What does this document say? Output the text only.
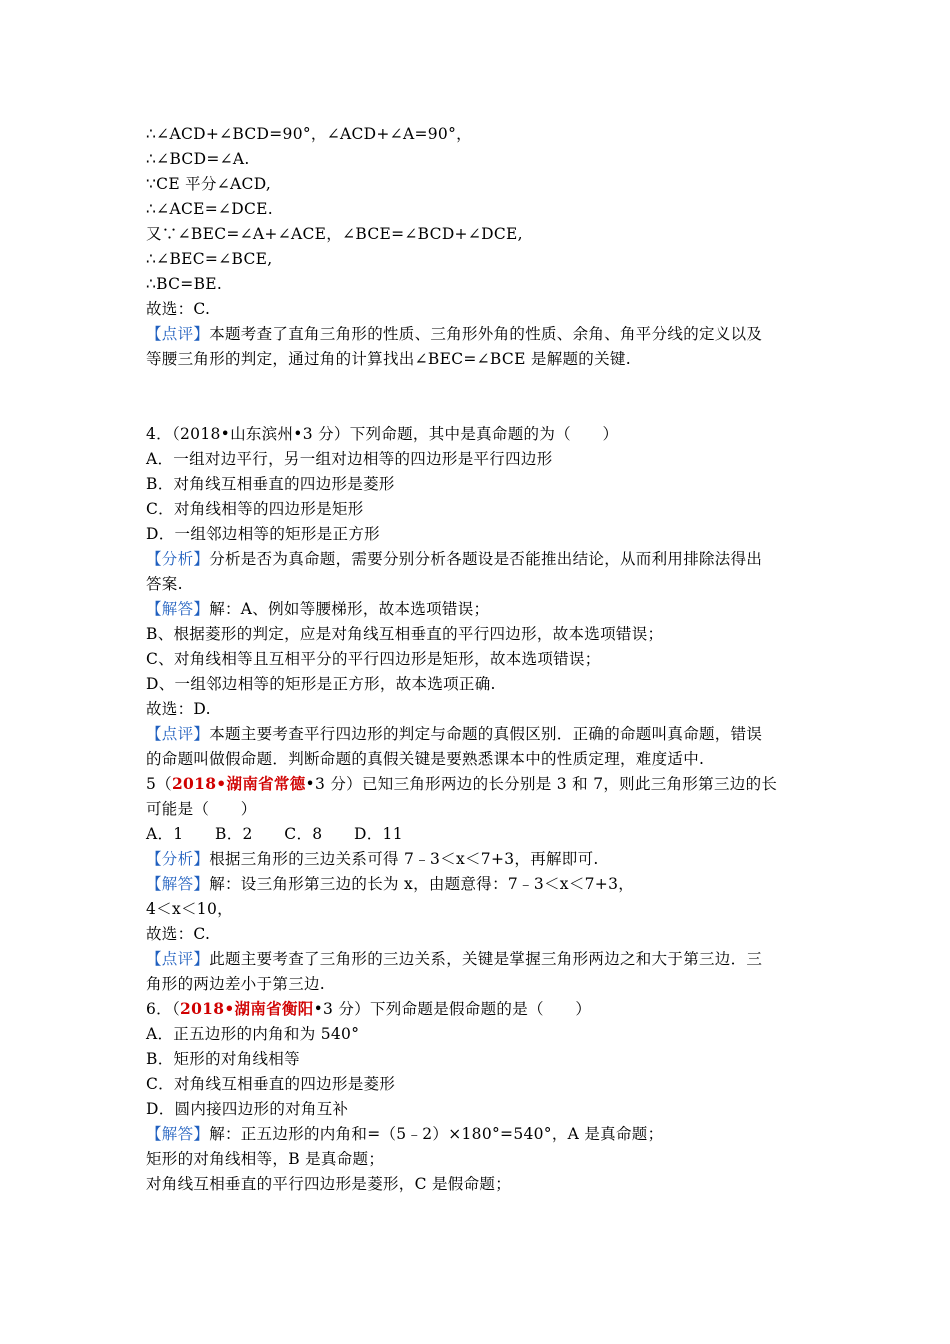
∴∠ACD+∠BCD=90°，∠ACD+∠A=90°，
∴∠BCD=∠A.
∵CE 平分∠ACD,
∴∠ACE=∠DCE.
又∵∠BEC=∠A+∠ACE，∠BCE=∠BCD+∠DCE,
∴∠BEC=∠BCE,
∴BC=BE.
故选：C.
【点评】本题考查了直角三角形的性质、三角形外角的性质、余角、角平分线的定义以及
等腰三角形的判定，通过角的计算找出∠BEC=∠BCE 是解题的关键.
4．（2018•山东滨州•3 分）下列命题，其中是真命题的为（　　）
A．一组对边平行，另一组对边相等的四边形是平行四边形
B．对角线互相垂直的四边形是菱形
C．对角线相等的四边形是矩形
D．一组邻边相等的矩形是正方形
【分析】分析是否为真命题，需要分别分析各题设是否能推出结论，从而利用排除法得出
答案.
【解答】解：A、例如等腰梯形，故本选项错误；
B、根据菱形的判定，应是对角线互相垂直的平行四边形，故本选项错误；
C、对角线相等且互相平分的平行四边形是矩形，故本选项错误；
D、一组邻边相等的矩形是正方形，故本选项正确.
故选：D.
【点评】本题主要考查平行四边形的判定与命题的真假区别．正确的命题叫真命题，错误
的命题叫做假命题．判断命题的真假关键是要熟悉课本中的性质定理，难度适中.
5（2018•湖南省常德•3 分）已知三角形两边的长分别是 3 和 7，则此三角形第三边的长
可能是（　　）
A．1　　B．2　　C．8　　D．11
【分析】根据三角形的三边关系可得 7﹣3＜x＜7+3，再解即可.
【解答】解：设三角形第三边的长为 x，由题意得：7﹣3＜x＜7+3，
4＜x＜10，
故选：C.
【点评】此题主要考查了三角形的三边关系，关键是掌握三角形两边之和大于第三边．三
角形的两边差小于第三边.
6．（2018•湖南省衡阳•3 分）下列命题是假命题的是（　　）
A．正五边形的内角和为 540°
B．矩形的对角线相等
C．对角线互相垂直的四边形是菱形
D．圆内接四边形的对角互补
【解答】解：正五边形的内角和=（5﹣2）×180°=540°，A 是真命题；
矩形的对角线相等，B 是真命题；
对角线互相垂直的平行四边形是菱形，C 是假命题；
